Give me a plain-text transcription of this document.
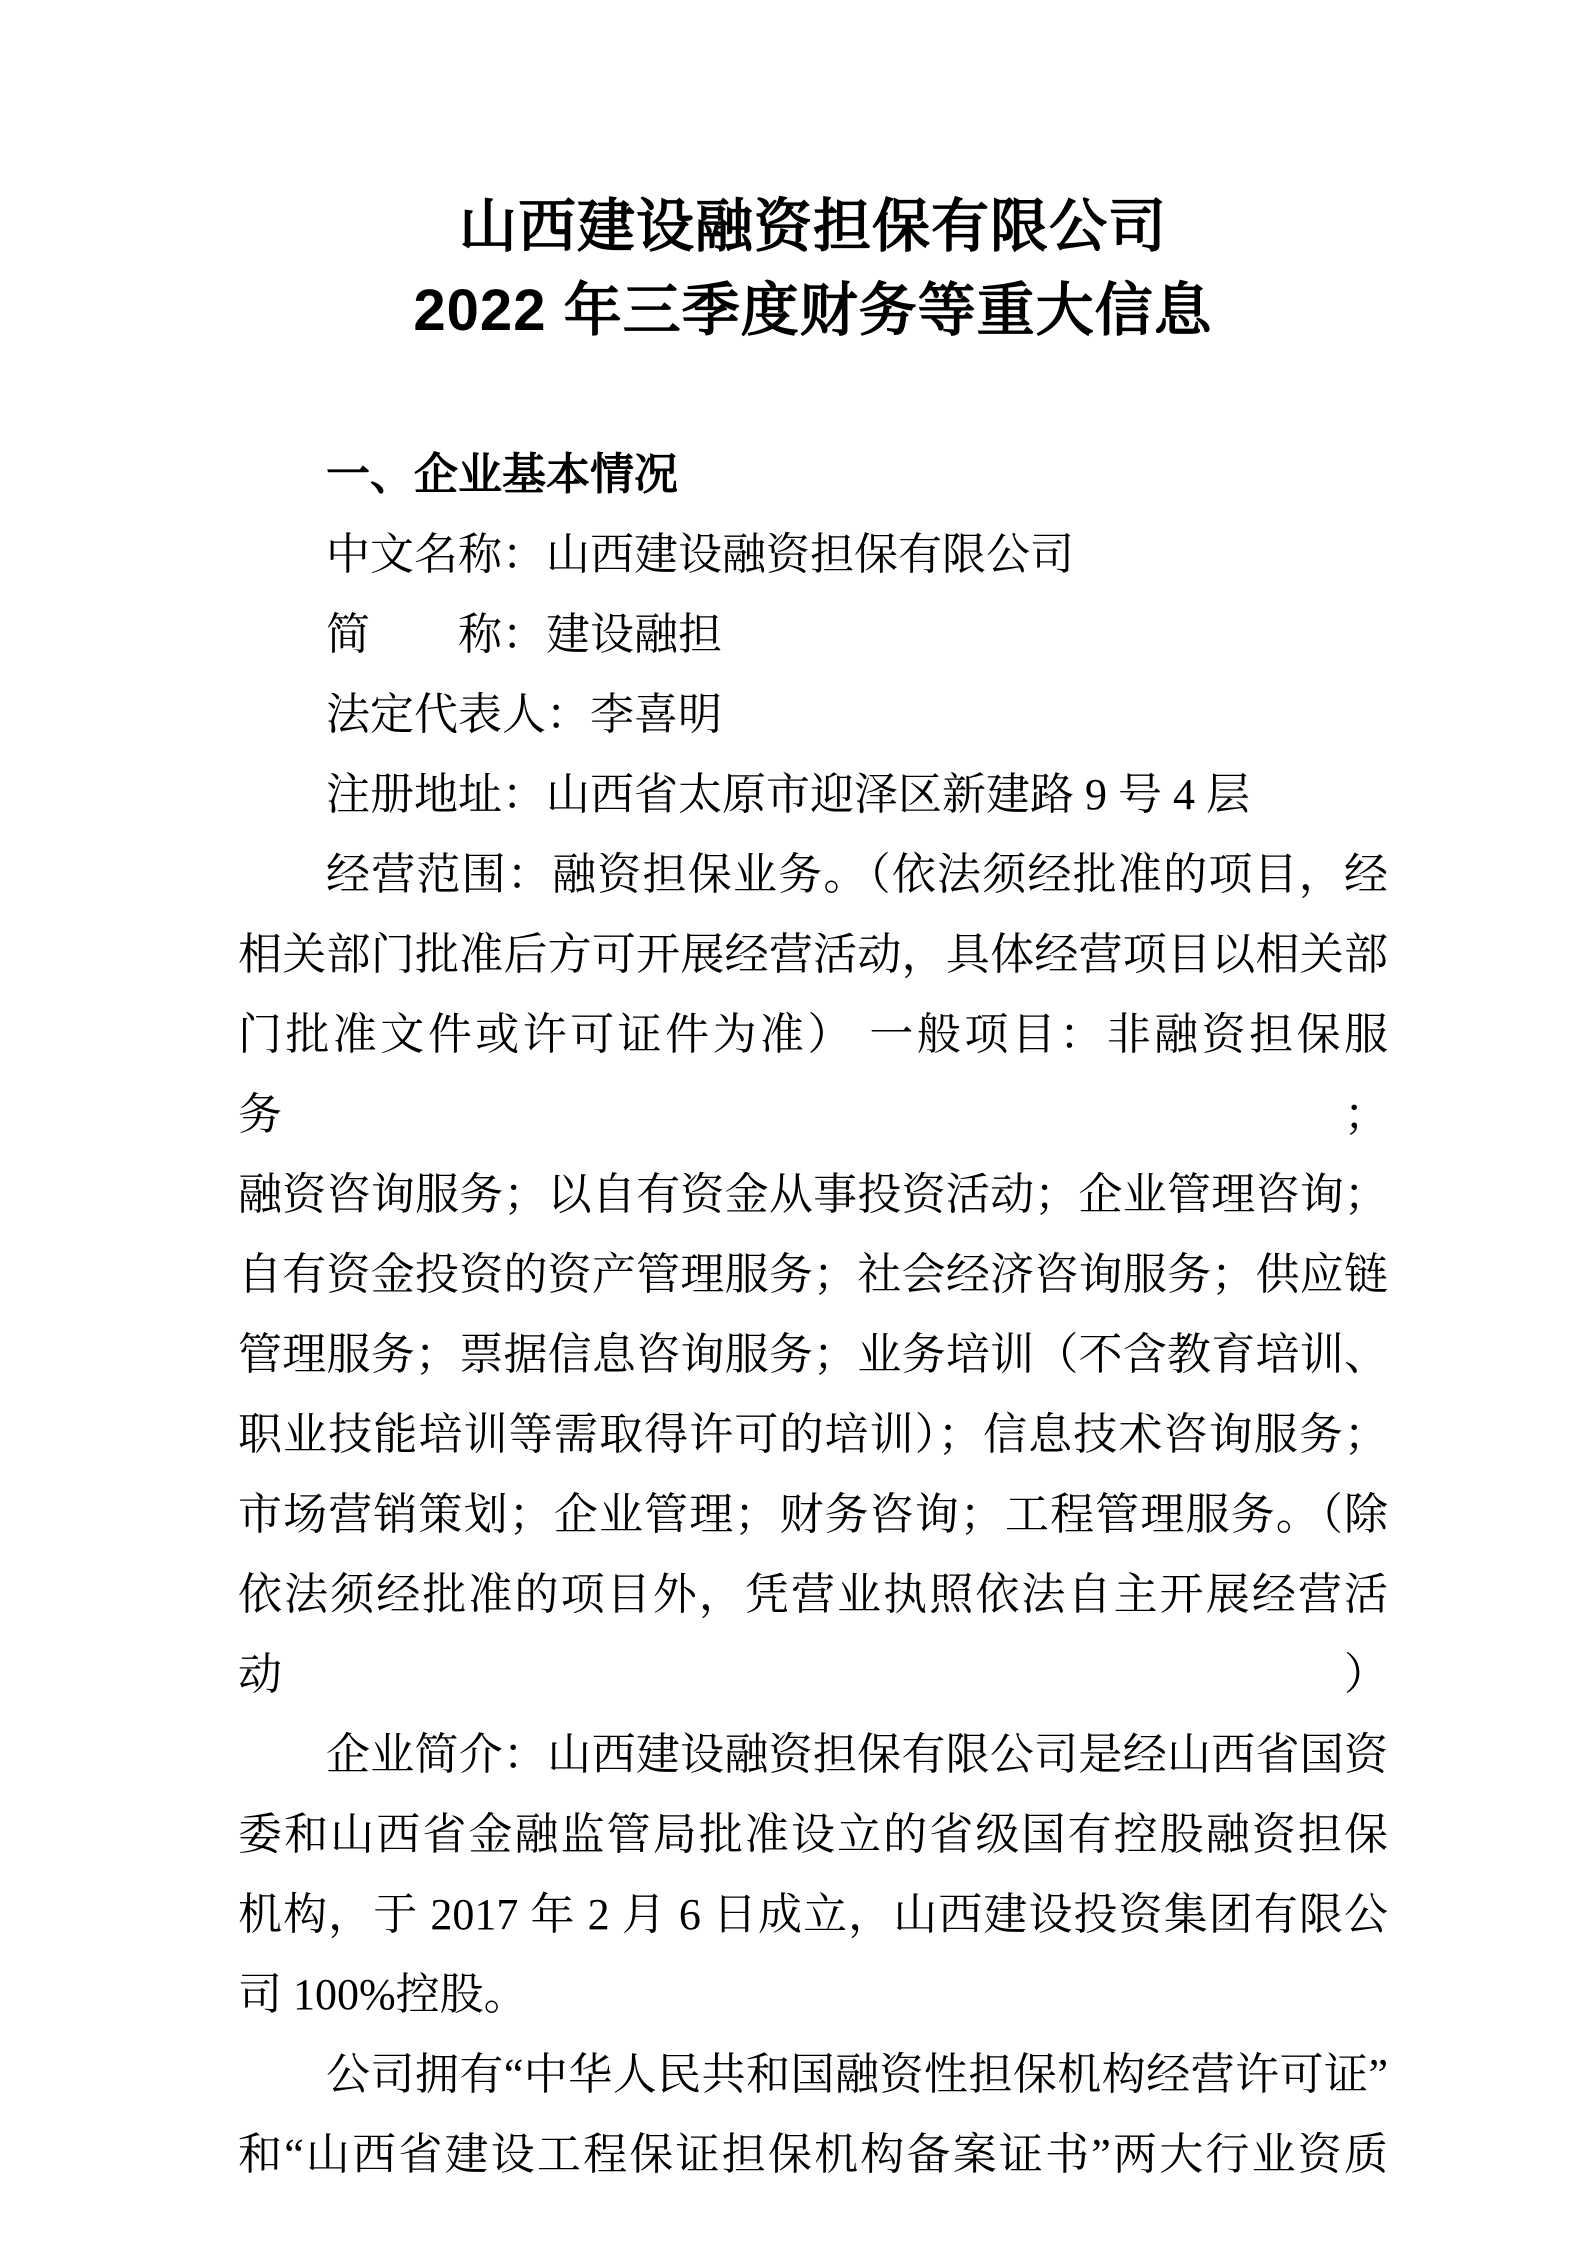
山西建设融资担保有限公司
2022 年三季度财务等重大信息
一、企业基本情况
中文名称：山西建设融资担保有限公司
简　　称：建设融担
法定代表人：李喜明
注册地址：山西省太原市迎泽区新建路 9 号 4 层
经营范围：融资担保业务。（依法须经批准的项目，经
相关部门批准后方可开展经营活动，具体经营项目以相关部
门批准文件或许可证件为准） 一般项目：非融资担保服务；
融资咨询服务；以自有资金从事投资活动；企业管理咨询；
自有资金投资的资产管理服务；社会经济咨询服务；供应链
管理服务；票据信息咨询服务；业务培训（不含教育培训、
职业技能培训等需取得许可的培训）；信息技术咨询服务；
市场营销策划；企业管理；财务咨询；工程管理服务。（除
依法须经批准的项目外，凭营业执照依法自主开展经营活动）
企业简介：山西建设融资担保有限公司是经山西省国资
委和山西省金融监管局批准设立的省级国有控股融资担保
机构，于 2017 年 2 月 6 日成立，山西建设投资集团有限公
司 100%控股。
公司拥有“中华人民共和国融资性担保机构经营许可证”
和“山西省建设工程保证担保机构备案证书”两大行业资质
